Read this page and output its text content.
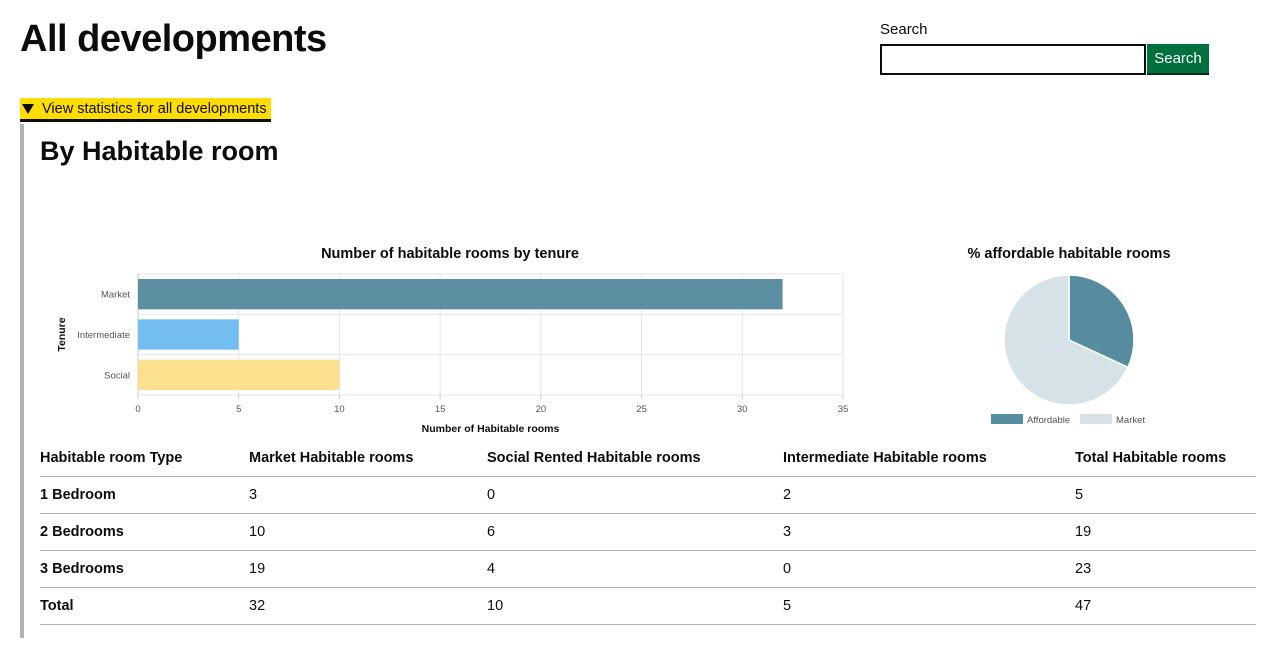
All developments	Search
Search
View statistics for all developments
By Habitable room
Number of habitable rooms by tenure
Market
Intermediate
Social
0	5	10	15	20	25	30	35
Number of Habitable rooms
Tenure
% affordable habitable rooms
Affordable	Market
Habitable room Type	Market Habitable rooms	Social Rented Habitable rooms	Intermediate Habitable rooms	Total Habitable rooms
1 Bedroom	3	0	2	5
2 Bedrooms	10	6	3	19
3 Bedrooms	19	4	0	23
Total	32	10	5	47
